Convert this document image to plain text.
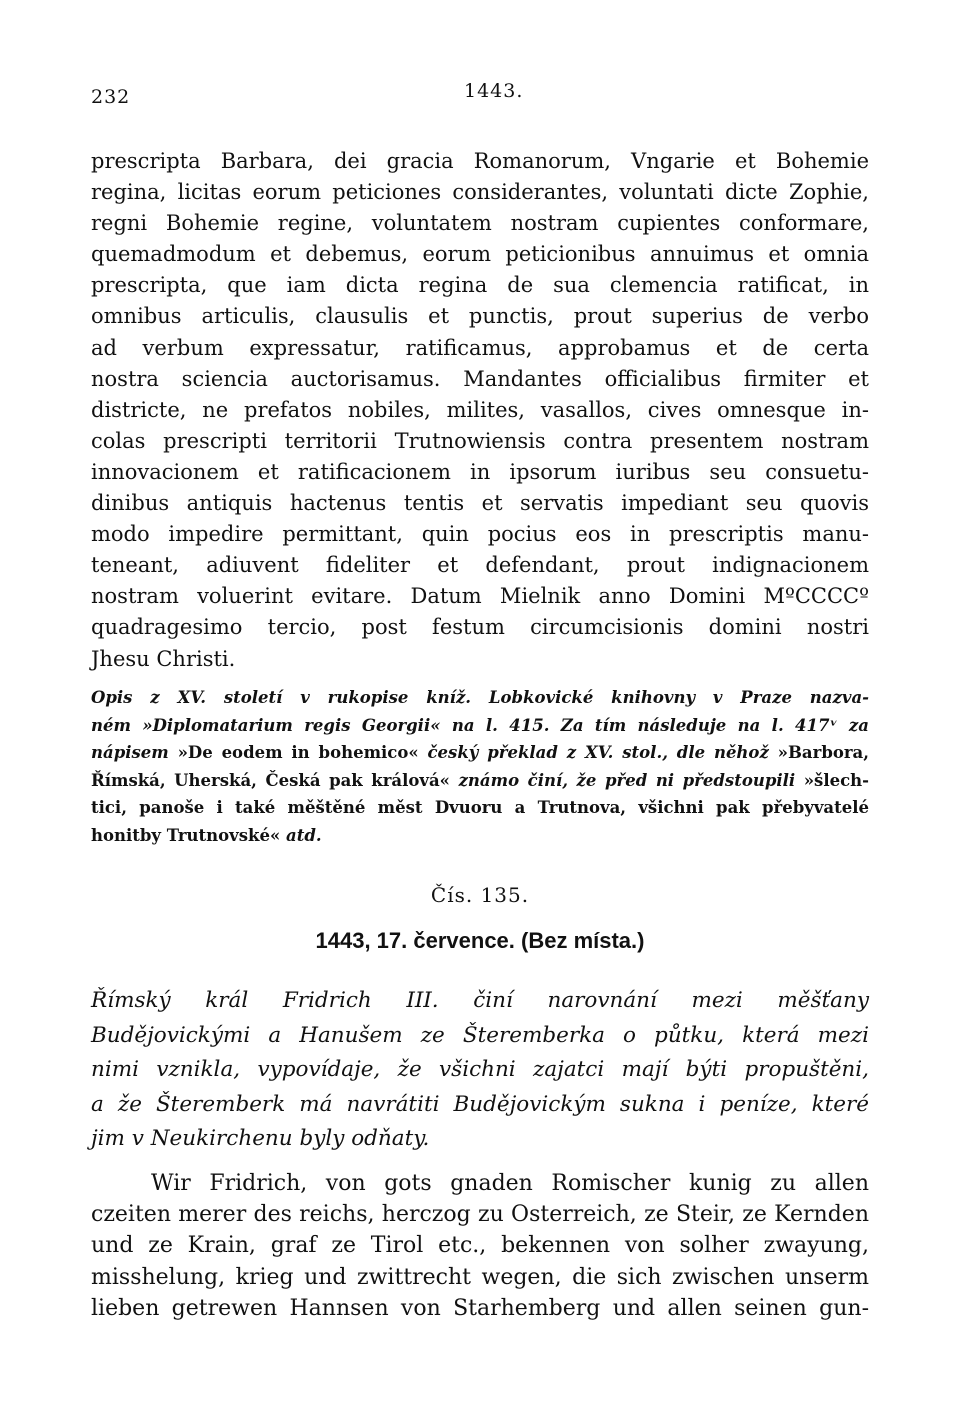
232	1443.
prescripta Barbara, dei gracia Romanorum, Vngarie et Bohemie
regina, licitas eorum peticiones considerantes, voluntati dicte Zophie,
regni Bohemie regine, voluntatem nostram cupientes conformare,
quemadmodum et debemus, eorum peticionibus annuimus et omnia
prescripta, que iam dicta regina de sua clemencia ratificat, in
omnibus articulis, clausulis et punctis, prout superius de verbo
ad verbum expressatur, ratificamus, approbamus et de certa
nostra sciencia auctorisamus. Mandantes officialibus firmiter et
districte, ne prefatos nobiles, milites, vasallos, cives omnesque in-
colas prescripti territorii Trutnowiensis contra presentem nostram
innovacionem et ratificacionem in ipsorum iuribus seu consuetu-
dinibus antiquis hactenus tentis et servatis impediant seu quovis
modo impedire permittant, quin pocius eos in prescriptis manu-
teneant, adiuvent fideliter et defendant, prout indignacionem
nostram voluerint evitare. Datum Mielnik anno Domini MºCCCCº
quadragesimo tercio, post festum circumcisionis domini nostri
Jhesu Christi.
Opis z XV. století v rukopise kníž. Lobkovické knihovny v Praze nazva-
ném »Diplomatarium regis Georgii« na l. 415. Za tím následuje na l. 417ᵛ za
nápisem »De eodem in bohemico« český překlad z XV. stol., dle něhož »Barbora,
Římská, Uherská, Česká pak králová« známo činí, že před ni předstoupili »šlech-
tici, panoše i také měštěné měst Dvuoru a Trutnova, všichni pak přebyvatelé
honitby Trutnovské« atd.
Čís. 135.
1443, 17. července. (Bez místa.)
Římský král Fridrich III. činí narovnání mezi měšťany
Budějovickými a Hanušem ze Šteremberka o půtku, která mezi
nimi vznikla, vypovídaje, že všichni zajatci mají býti propuštěni,
a že Šteremberk má navrátiti Budějovickým sukna i peníze, které
jim v Neukirchenu byly odňaty.
Wir Fridrich, von gots gnaden Romischer kunig zu allen
czeiten merer des reichs, herczog zu Osterreich, ze Steir, ze Kernden
und ze Krain, graf ze Tirol etc., bekennen von solher zwayung,
misshelung, krieg und zwittrecht wegen, die sich zwischen unserm
lieben getrewen Hannsen von Starhemberg und allen seinen gun-
